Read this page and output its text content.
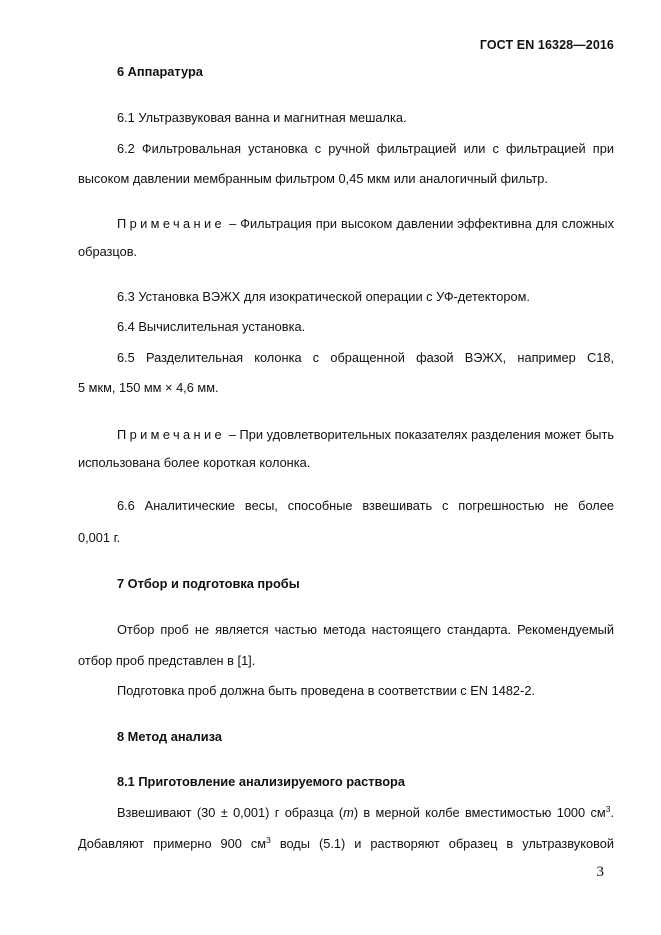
ГОСТ EN 16328—2016
6 Аппаратура
6.1 Ультразвуковая ванна и магнитная мешалка.
6.2 Фильтровальная установка с ручной фильтрацией или с фильтрацией при
высоком давлении мембранным фильтром 0,45 мкм или аналогичный фильтр.
Примечание – Фильтрация при высоком давлении эффективна для сложных
образцов.
6.3 Установка ВЭЖХ для изократической операции с УФ-детектором.
6.4 Вычислительная установка.
6.5 Разделительная колонка с обращенной фазой ВЭЖХ, например С18,
5 мкм, 150 мм × 4,6 мм.
Примечание – При удовлетворительных показателях разделения может быть
использована более короткая колонка.
6.6 Аналитические весы, способные взвешивать с погрешностью не более
0,001 г.
7 Отбор и подготовка пробы
Отбор проб не является частью метода настоящего стандарта. Рекомендуемый
отбор проб представлен в [1].
Подготовка проб должна быть проведена в соответствии с EN 1482-2.
8 Метод анализа
8.1 Приготовление анализируемого раствора
Взвешивают (30 ± 0,001) г образца (m) в мерной колбе вместимостью 1000 $см^3$.
Добавляют примерно 900 $см^3$ воды (5.1) и растворяют образец в ультразвуковой
3
